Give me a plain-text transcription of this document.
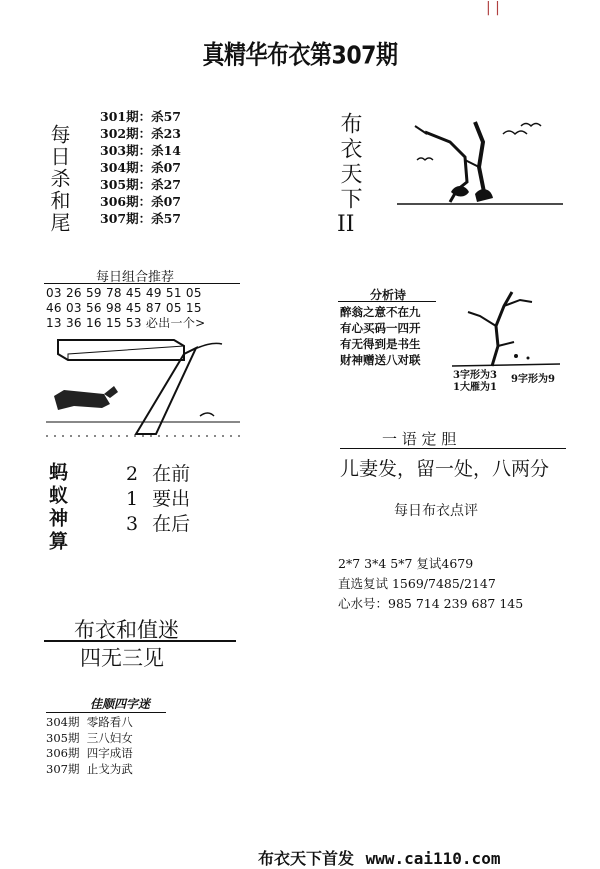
| |
真精华布衣第307期
每日杀和尾
301期：杀57
302期：杀23
303期：杀14
304期：杀07
305期：杀27
306期：杀07
307期：杀57
布衣天下
II
每日组合推荐
03 26 59 78 45 49 51 05
46 03 56 98 45 87 05 15
13 36 16 15 53 必出一个>
分析诗
醉翁之意不在九
有心买码一四开
有无得到是书生
财神赠送八对联
3字形为3
1大雁为1
9字形为9
一 语 定 胆
儿妻发，留一处，八两分
蚂蚁神算	2 在前
1 要出
3 在后
每日布衣点评
2*7 3*4 5*7 复试4679
直选复试 1569/7485/2147
心水号：985 714 239 687 145
布衣和值迷
四无三见
佳顺四字迷
304期 零路看八
305期 三八妇女
306期 四字成语
307期 止戈为武
布衣天下首发 www.cai110.com
